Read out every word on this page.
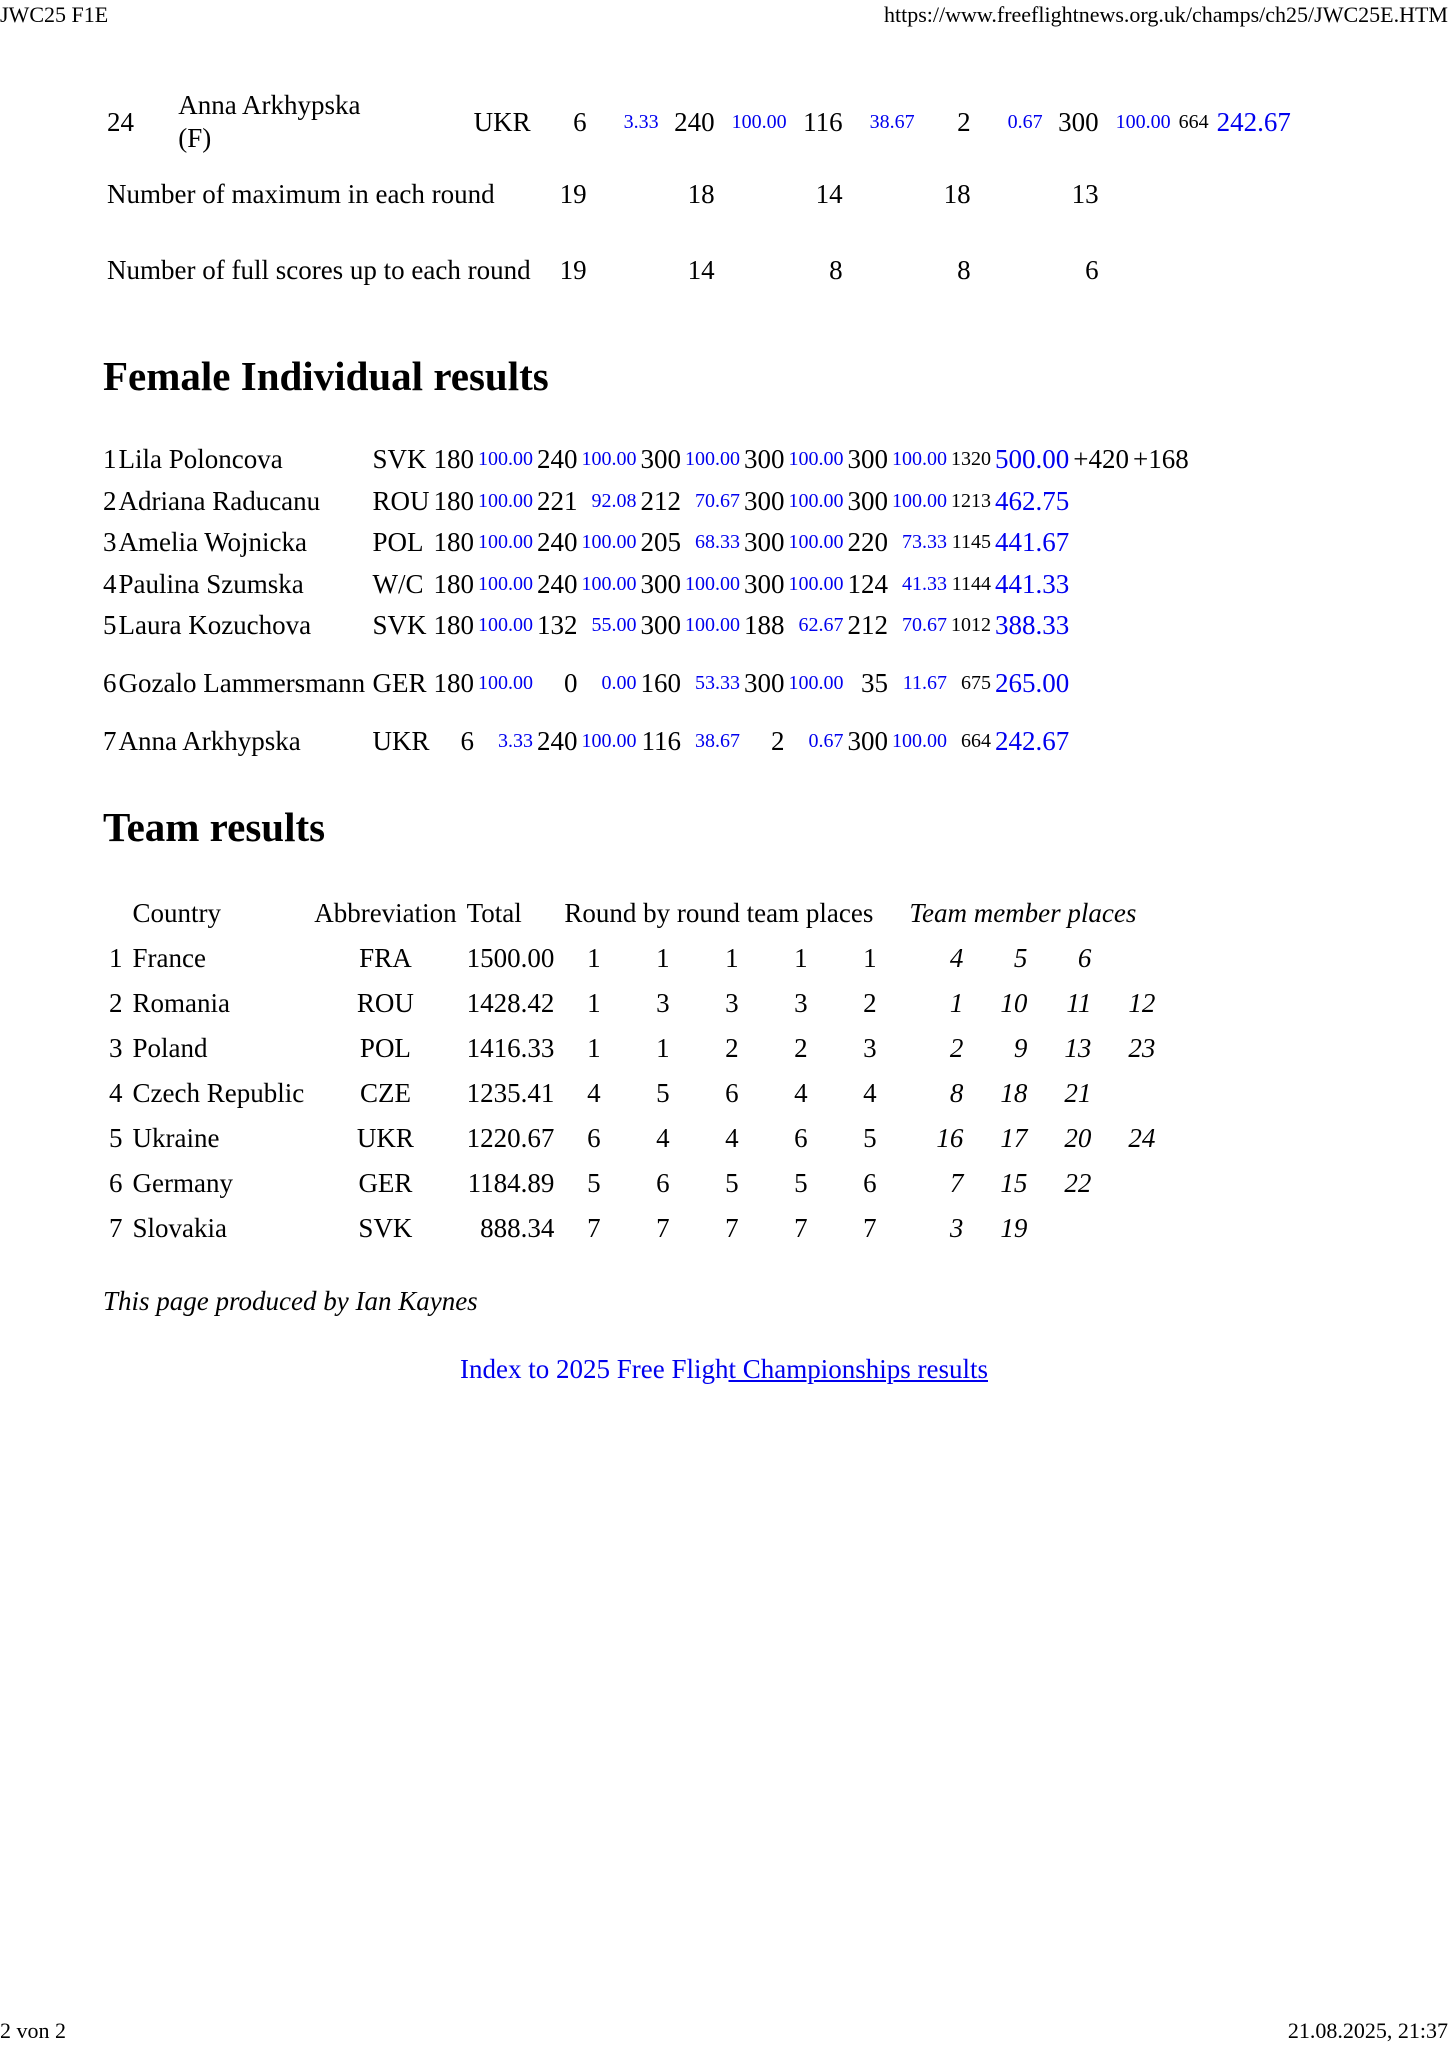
JWC25 F1E	https://www.freeflightnews.org.uk/champs/ch25/JWC25E.HTM
24	Anna Arkhypska (F)	UKR	6	3.33	240	100.00	116	38.67	2	0.67	300	100.00	664	242.67
Number of maximum in each round			19		18		14		18		13			
Number of full scores up to each round			19		14		8		8		6			
Female Individual results
1	Lila Poloncova	SVK	180	100.00	240	100.00	300	100.00	300	100.00	300	100.00	1320	500.00	+420	+168
2	Adriana Raducanu	ROU	180	100.00	221	92.08	212	70.67	300	100.00	300	100.00	1213	462.75		
3	Amelia Wojnicka	POL	180	100.00	240	100.00	205	68.33	300	100.00	220	73.33	1145	441.67		
4	Paulina Szumska	W/C	180	100.00	240	100.00	300	100.00	300	100.00	124	41.33	1144	441.33		
5	Laura Kozuchova	SVK	180	100.00	132	55.00	300	100.00	188	62.67	212	70.67	1012	388.33		
6	Gozalo Lammersmann	GER	180	100.00	0	0.00	160	53.33	300	100.00	35	11.67	675	265.00		
7	Anna Arkhypska	UKR	6	3.33	240	100.00	116	38.67	2	0.67	300	100.00	664	242.67		
Team results
	Country	Abbreviation	Total	Round by round team places					Team member places			
1	France	FRA	1500.00	1	1	1	1	1	4	5	6	
2	Romania	ROU	1428.42	1	3	3	3	2	1	10	11	12
3	Poland	POL	1416.33	1	1	2	2	3	2	9	13	23
4	Czech Republic	CZE	1235.41	4	5	6	4	4	8	18	21	
5	Ukraine	UKR	1220.67	6	4	4	6	5	16	17	20	24
6	Germany	GER	1184.89	5	6	5	5	6	7	15	22	
7	Slovakia	SVK	888.34	7	7	7	7	7	3	19		
This page produced by Ian Kaynes
Index to 2025 Free Flight Championships results
2 von 2	21.08.2025, 21:37
